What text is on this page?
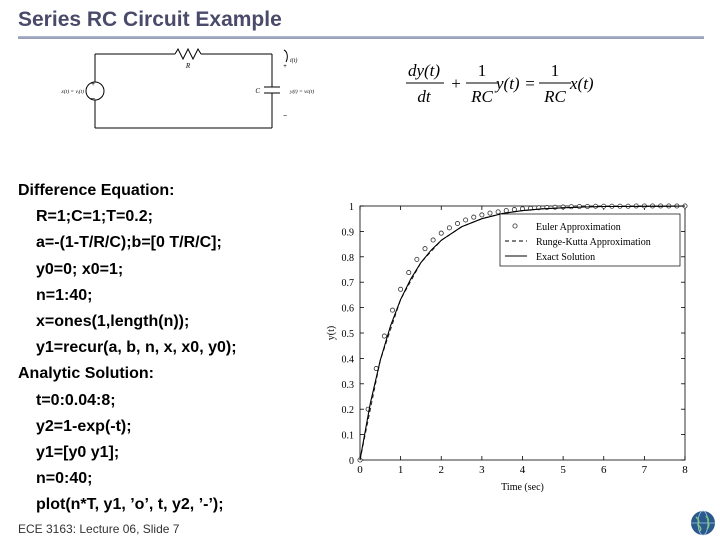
Series RC Circuit Example
+
−
+
−
R
C
i(t)
x(t) = vᵢ(t)	y(t) = vᴄ(t)
dy(t)
dt
+
1
RC
y(t) =
1
RC
x(t)
Difference Equation:
R=1;C=1;T=0.2;
a=-(1-T/R/C);b=[0 T/R/C];
y0=0; x0=1;
n=1:40;
x=ones(1,length(n));
y1=recur(a, b, n, x, x0, y0);
Analytic Solution:
t=0:0.04:8;
y2=1-exp(-t);
y1=[y0 y1];
n=0:40;
plot(n*T, y1, ’o’, t, y2, ’-’);
0	1	2	3	4	5	6	7	8
0
0.1
0.2
0.3
0.4
0.5
0.6
0.7
0.8
0.9
1
Time (sec)
y(t)
Euler Approximation
Runge-Kutta Approximation
Exact Solution
ECE 3163: Lecture 06, Slide 7
